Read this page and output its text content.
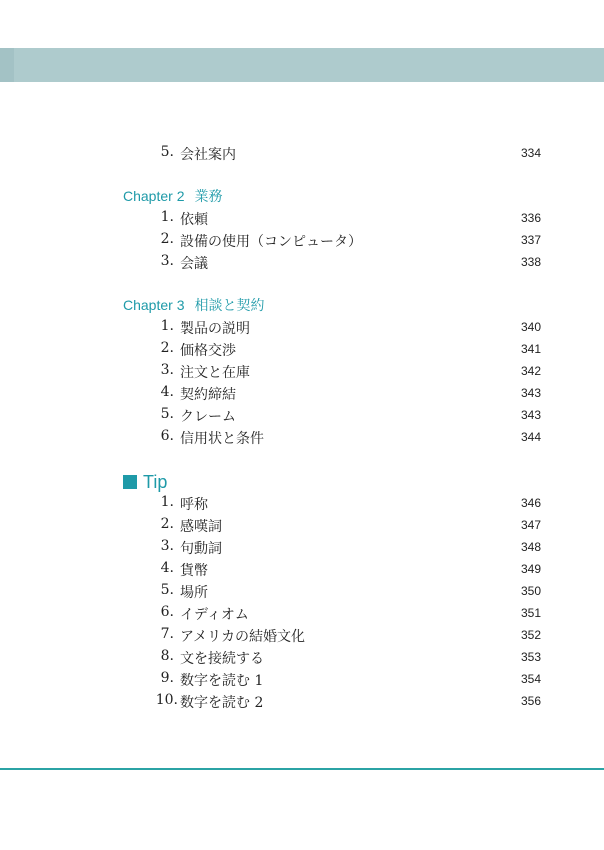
5. 会社案内	334
Chapter 2 業務
1. 依頼	336
2. 設備の使用（コンピュータ）	337
3. 会議	338
Chapter 3 相談と契約
1. 製品の説明	340
2. 価格交渉	341
3. 注文と在庫	342
4. 契約締結	343
5. クレーム	343
6. 信用状と条件	344
Tip
1. 呼称	346
2. 感嘆詞	347
3. 句動詞	348
4. 貨幣	349
5. 場所	350
6. イディオム	351
7. アメリカの結婚文化	352
8. 文を接続する	353
9. 数字を読む 1	354
10. 数字を読む 2	356
